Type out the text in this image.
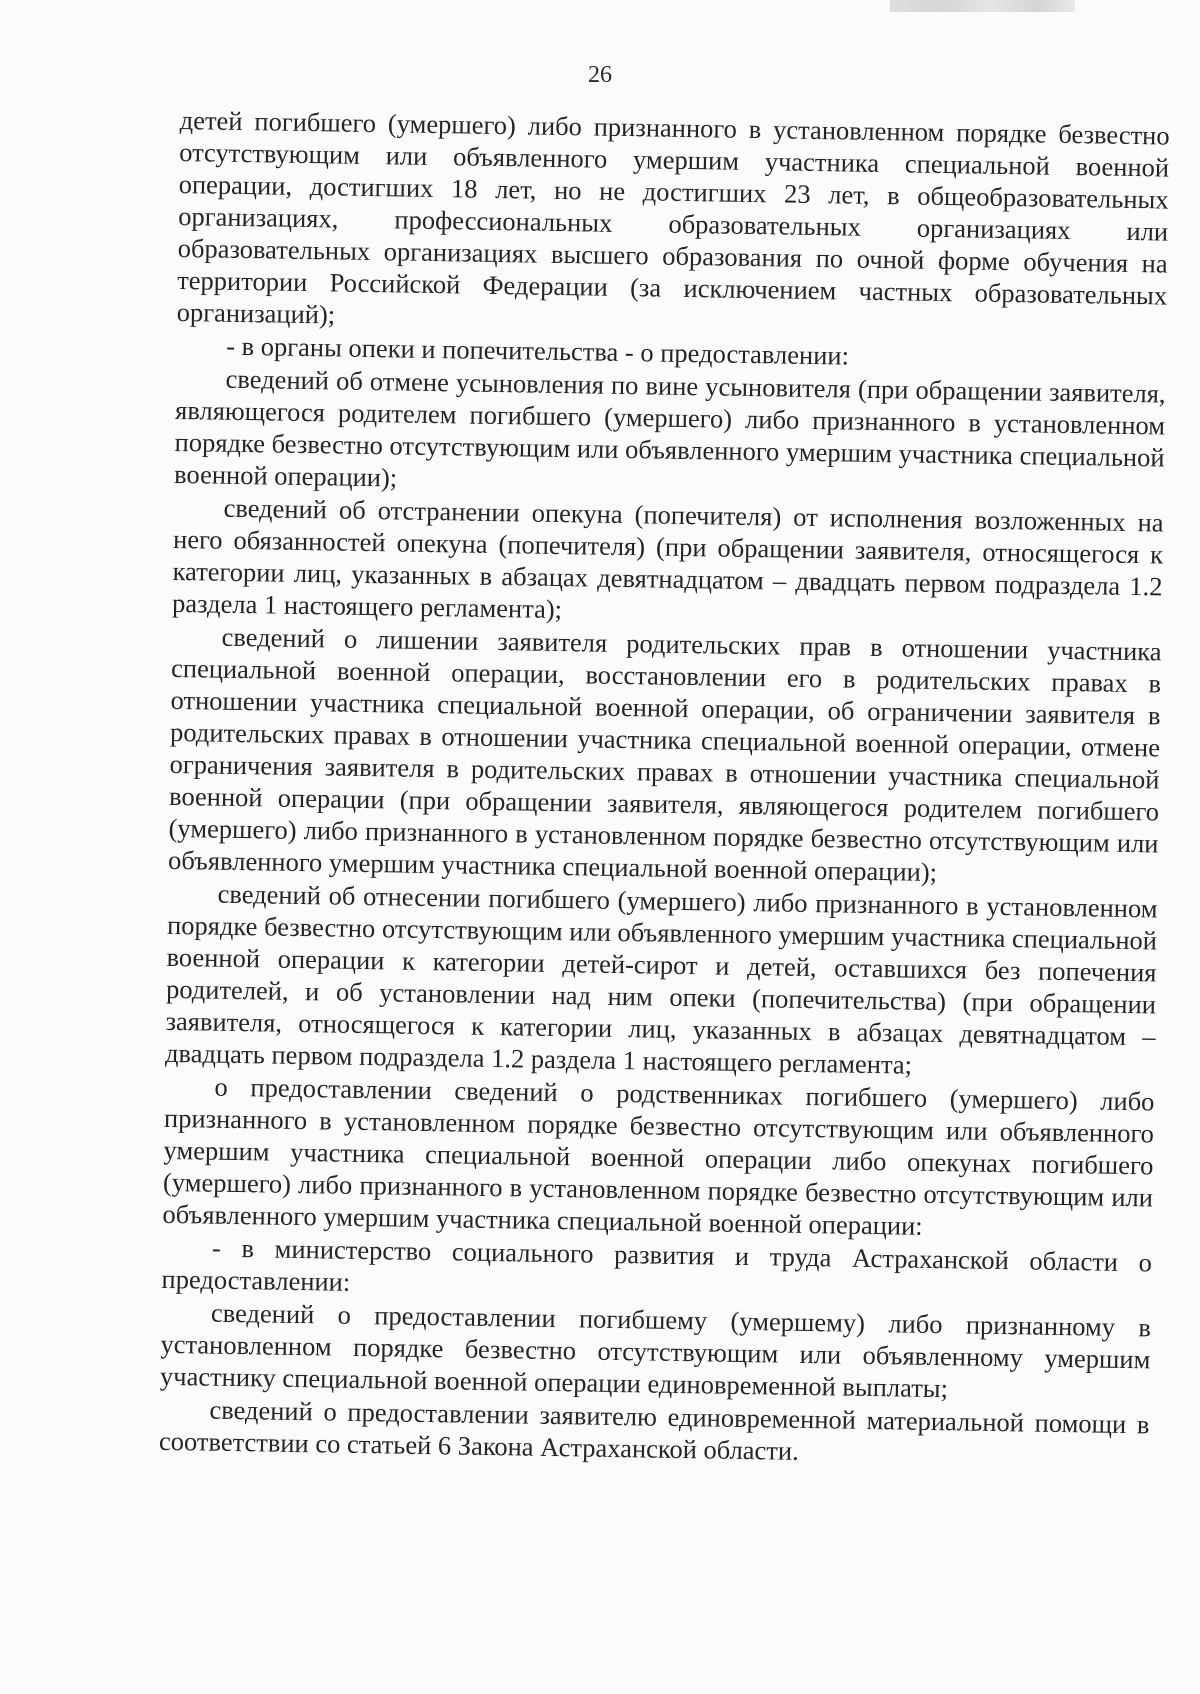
26

детей погибшего (умершего) либо признанного в установленном порядке безвестно отсутствующим или объявленного умершим участника специальной военной операции, достигших 18 лет, но не достигших 23 лет, в общеобразовательных организациях, профессиональных образовательных организациях или образовательных организациях высшего образования по очной форме обучения на территории Российской Федерации (за исключением частных образовательных организаций);

- в органы опеки и попечительства - о предоставлении:

сведений об отмене усыновления по вине усыновителя (при обращении заявителя, являющегося родителем погибшего (умершего) либо признанного в установленном порядке безвестно отсутствующим или объявленного умершим участника специальной военной операции);

сведений об отстранении опекуна (попечителя) от исполнения возложенных на него обязанностей опекуна (попечителя) (при обращении заявителя, относящегося к категории лиц, указанных в абзацах девятнадцатом – двадцать первом подраздела 1.2 раздела 1 настоящего регламента);

сведений о лишении заявителя родительских прав в отношении участника специальной военной операции, восстановлении его в родительских правах в отношении участника специальной военной операции, об ограничении заявителя в родительских правах в отношении участника специальной военной операции, отмене ограничения заявителя в родительских правах в отношении участника специальной военной операции (при обращении заявителя, являющегося родителем погибшего (умершего) либо признанного в установленном порядке безвестно отсутствующим или объявленного умершим участника специальной военной операции);

сведений об отнесении погибшего (умершего) либо признанного в установленном порядке безвестно отсутствующим или объявленного умершим участника специальной военной операции к категории детей-сирот и детей, оставшихся без попечения родителей, и об установлении над ним опеки (попечительства) (при обращении заявителя, относящегося к категории лиц, указанных в абзацах девятнадцатом – двадцать первом подраздела 1.2 раздела 1 настоящего регламента;

о предоставлении сведений о родственниках погибшего (умершего) либо признанного в установленном порядке безвестно отсутствующим или объявленного умершим участника специальной военной операции либо опекунах погибшего (умершего) либо признанного в установленном порядке безвестно отсутствующим или объявленного умершим участника специальной военной операции:

- в министерство социального развития и труда Астраханской области о предоставлении:

сведений о предоставлении погибшему (умершему) либо признанному в установленном порядке безвестно отсутствующим или объявленному умершим участнику специальной военной операции единовременной выплаты;

сведений о предоставлении заявителю единовременной материальной помощи в соответствии со статьей 6 Закона Астраханской области.
